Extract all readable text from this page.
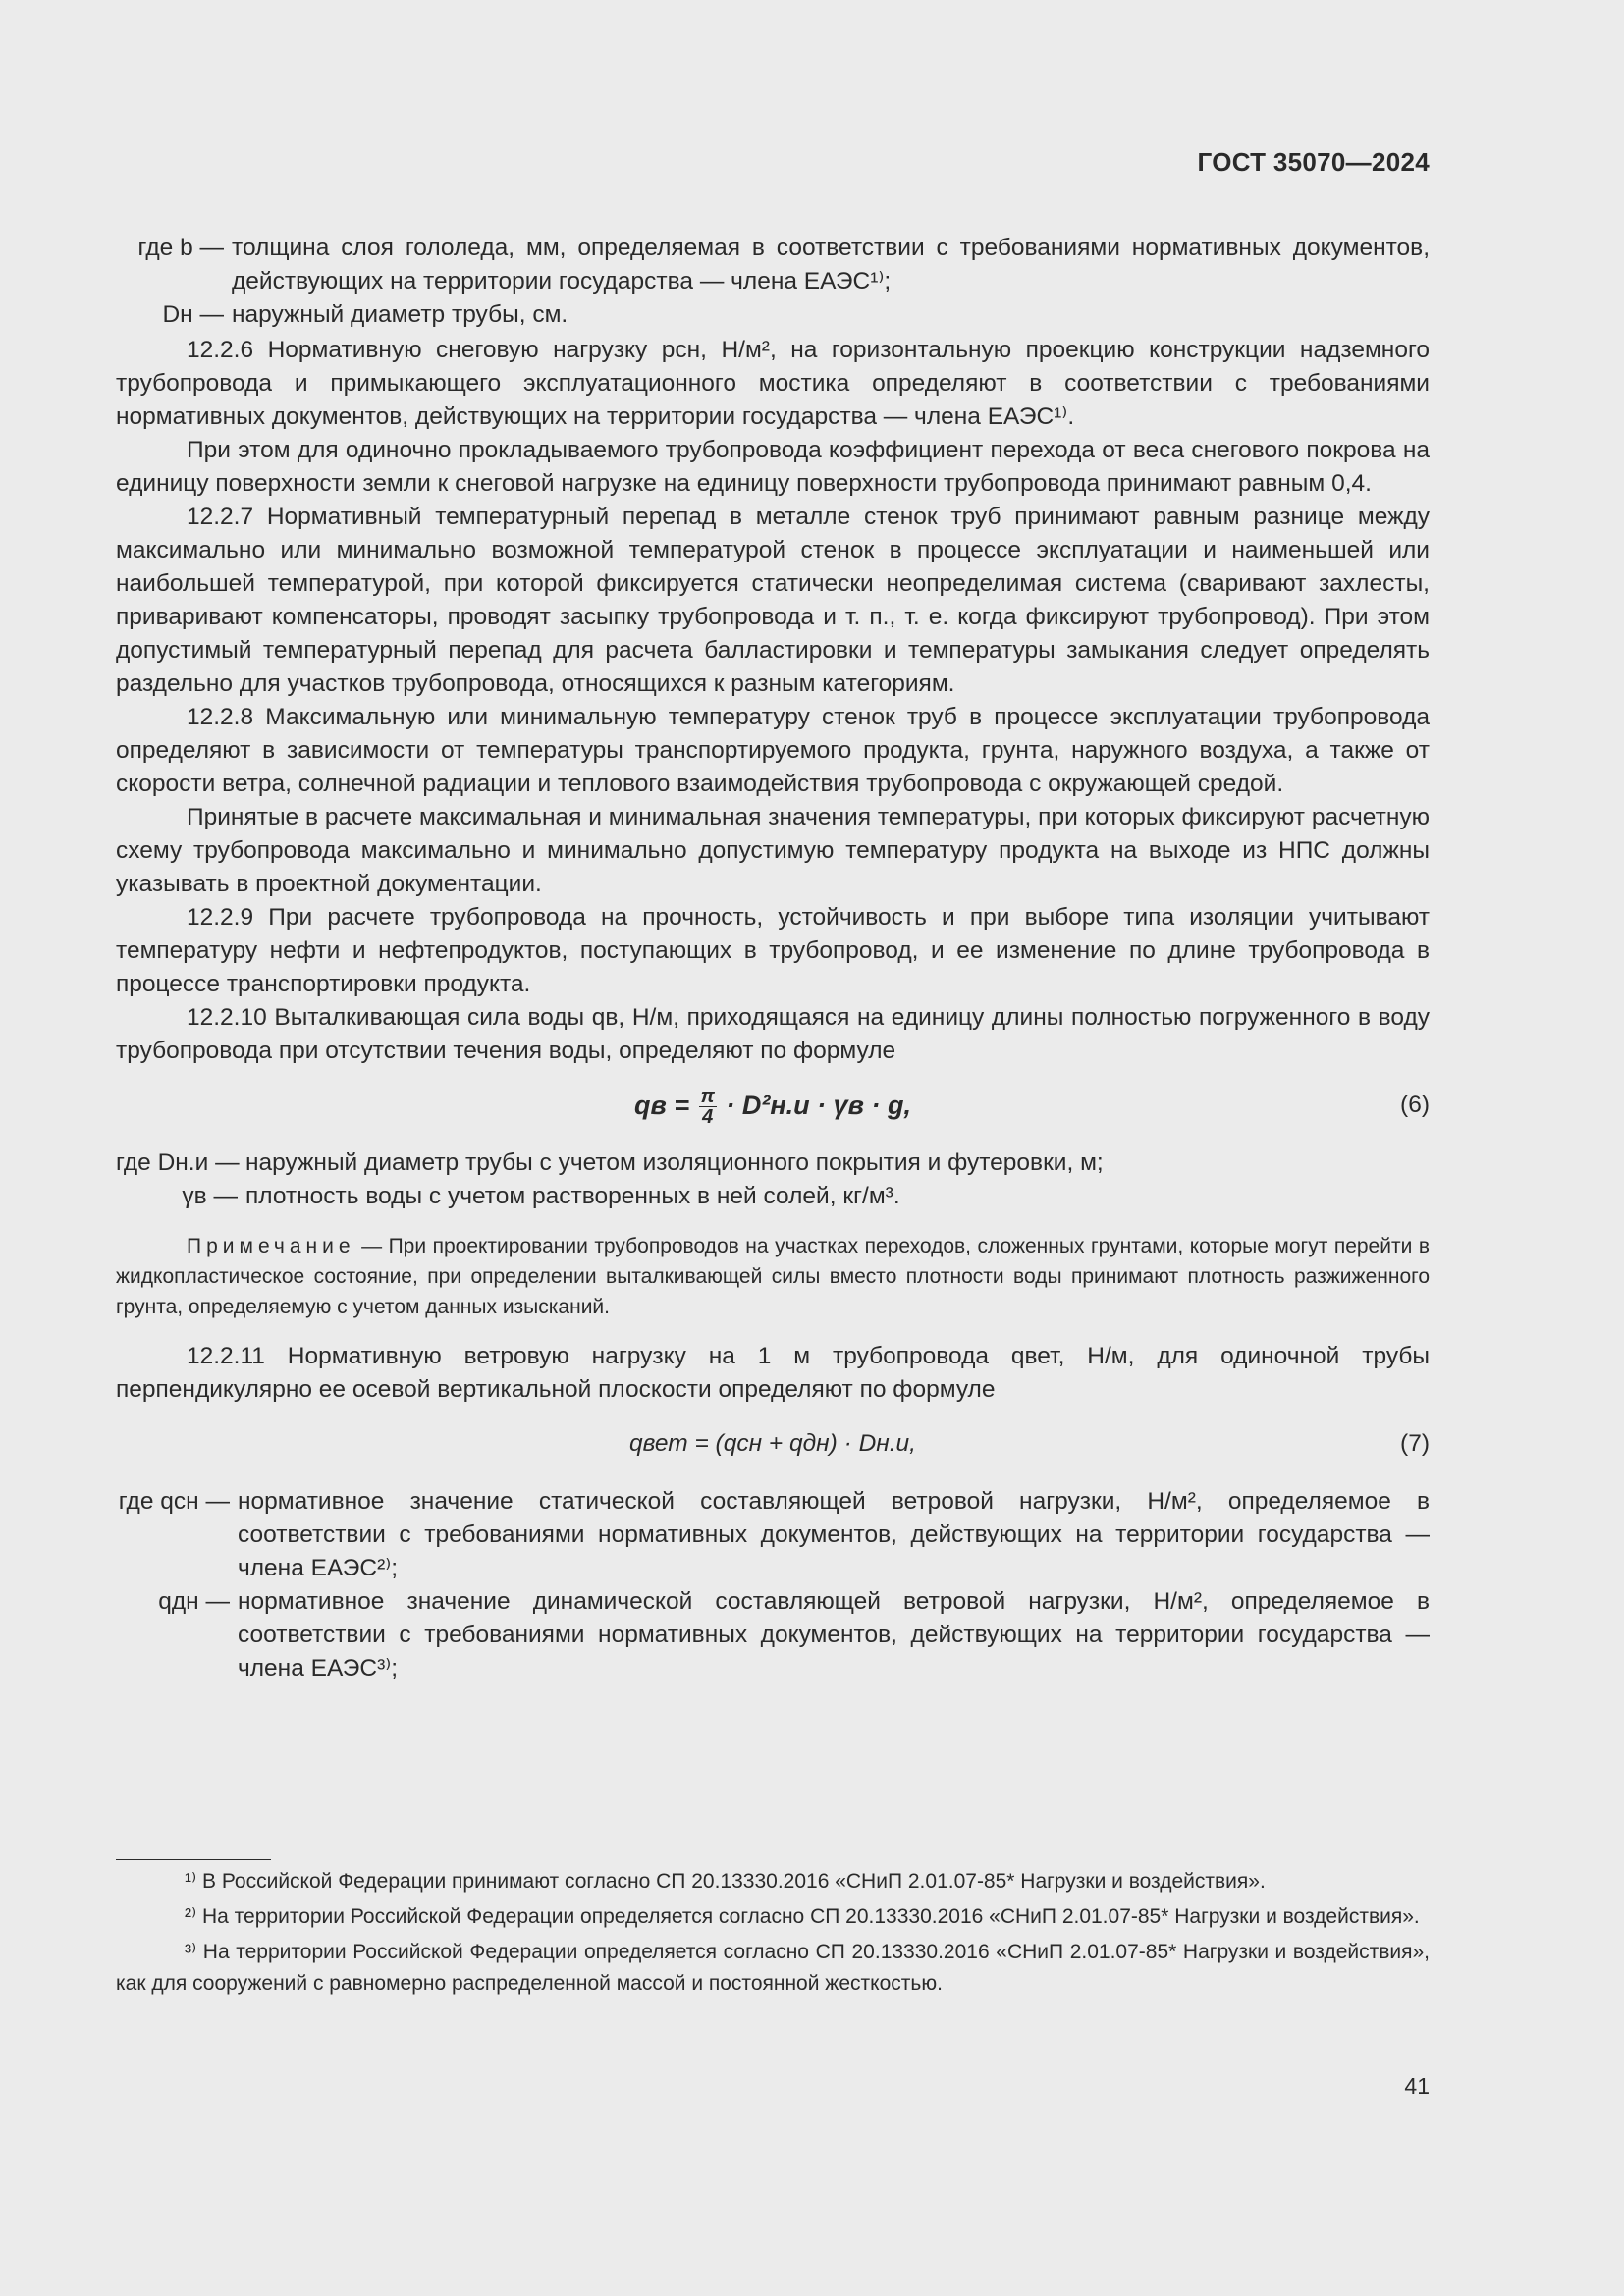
ГОСТ 35070—2024
где b — толщина слоя гололеда, мм, определяемая в соответствии с требованиями нормативных документов, действующих на территории государства — члена ЕАЭС¹⁾;
Dн — наружный диаметр трубы, см.

12.2.6 Нормативную снеговую нагрузку pсн, Н/м², на горизонтальную проекцию конструкции надземного трубопровода и примыкающего эксплуатационного мостика определяют в соответствии с требованиями нормативных документов, действующих на территории государства — члена ЕАЭС¹⁾.

При этом для одиночно прокладываемого трубопровода коэффициент перехода от веса снегового покрова на единицу поверхности земли к снеговой нагрузке на единицу поверхности трубопровода принимают равным 0,4.

12.2.7 Нормативный температурный перепад в металле стенок труб принимают равным разнице между максимально или минимально возможной температурой стенок в процессе эксплуатации и наименьшей или наибольшей температурой, при которой фиксируется статически неопределимая система (сваривают захлесты, приваривают компенсаторы, проводят засыпку трубопровода и т. п., т. е. когда фиксируют трубопровод). При этом допустимый температурный перепад для расчета балластировки и температуры замыкания следует определять раздельно для участков трубопровода, относящихся к разным категориям.

12.2.8 Максимальную или минимальную температуру стенок труб в процессе эксплуатации трубопровода определяют в зависимости от температуры транспортируемого продукта, грунта, наружного воздуха, а также от скорости ветра, солнечной радиации и теплового взаимодействия трубопровода с окружающей средой.

Принятые в расчете максимальная и минимальная значения температуры, при которых фиксируют расчетную схему трубопровода максимально и минимально допустимую температуру продукта на выходе из НПС должны указывать в проектной документации.

12.2.9 При расчете трубопровода на прочность, устойчивость и при выборе типа изоляции учитывают температуру нефти и нефтепродуктов, поступающих в трубопровод, и ее изменение по длине трубопровода в процессе транспортировки продукта.

12.2.10 Выталкивающая сила воды qв, Н/м, приходящаяся на единицу длины полностью погруженного в воду трубопровода при отсутствии течения воды, определяют по формуле

qв = $\frac{\pi}{4} \cdot D^2н.и \cdot \gamma в \cdot g$,	(6)
где Dн.и — наружный диаметр трубы с учетом изоляционного покрытия и футеровки, м;
γв — плотность воды с учетом растворенных в ней солей, кг/м³.
Примечание — При проектировании трубопроводов на участках переходов, сложенных грунтами, которые могут перейти в жидкопластическое состояние, при определении выталкивающей силы вместо плотности воды принимают плотность разжиженного грунта, определяемую с учетом данных изысканий.

12.2.11 Нормативную ветровую нагрузку на 1 м трубопровода qвет, Н/м, для одиночной трубы перпендикулярно ее осевой вертикальной плоскости определяют по формуле

qвет = (qсн + qдн) · Dн.и,	(7)
где qсн — нормативное значение статической составляющей ветровой нагрузки, Н/м², определяемое в соответствии с требованиями нормативных документов, действующих на территории государства — члена ЕАЭС²⁾;
qдн — нормативное значение динамической составляющей ветровой нагрузки, Н/м², определяемое в соответствии с требованиями нормативных документов, действующих на территории государства — члена ЕАЭС³⁾;

¹⁾ В Российской Федерации принимают согласно СП 20.13330.2016 «СНиП 2.01.07-85* Нагрузки и воздействия».

²⁾ На территории Российской Федерации определяется согласно СП 20.13330.2016 «СНиП 2.01.07-85* Нагрузки и воздействия».

³⁾ На территории Российской Федерации определяется согласно СП 20.13330.2016 «СНиП 2.01.07-85* Нагрузки и воздействия», как для сооружений с равномерно распределенной массой и постоянной жесткостью.

41
